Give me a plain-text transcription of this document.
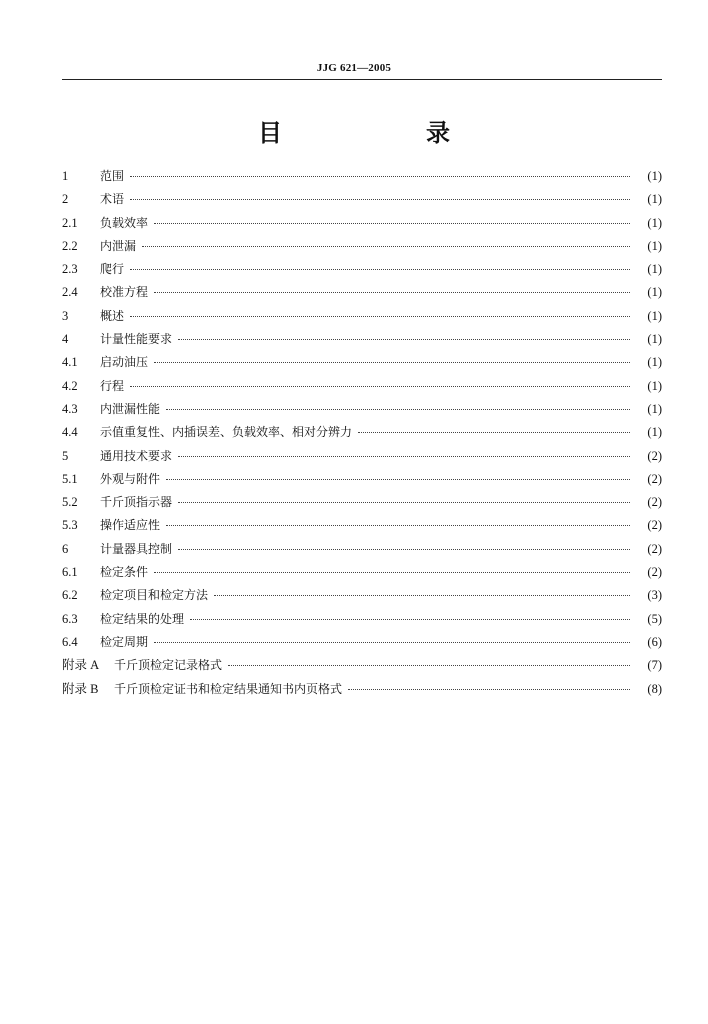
JJG 621—2005
目　录
1	范围	(1)
2	术语	(1)
2.1	负载效率	(1)
2.2	内泄漏	(1)
2.3	爬行	(1)
2.4	校准方程	(1)
3	概述	(1)
4	计量性能要求	(1)
4.1	启动油压	(1)
4.2	行程	(1)
4.3	内泄漏性能	(1)
4.4	示值重复性、内插误差、负载效率、相对分辨力	(1)
5	通用技术要求	(2)
5.1	外观与附件	(2)
5.2	千斤顶指示器	(2)
5.3	操作适应性	(2)
6	计量器具控制	(2)
6.1	检定条件	(2)
6.2	检定项目和检定方法	(3)
6.3	检定结果的处理	(5)
6.4	检定周期	(6)
附录 A	千斤顶检定记录格式	(7)
附录 B	千斤顶检定证书和检定结果通知书内页格式	(8)
